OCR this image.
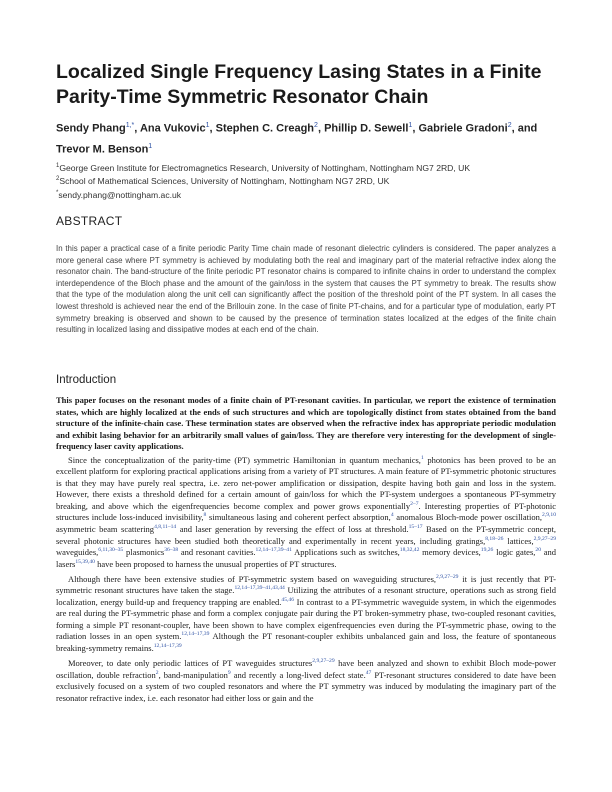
Localized Single Frequency Lasing States in a Finite Parity-Time Symmetric Resonator Chain
Sendy Phang$^{1,*}$, Ana Vukovic$^1$, Stephen C. Creagh$^2$, Phillip D. Sewell$^1$, Gabriele Gradoni$^2$, and Trevor M. Benson$^1$
$^1$George Green Institute for Electromagnetics Research, University of Nottingham, Nottingham NG7 2RD, UK
$^2$School of Mathematical Sciences, University of Nottingham, Nottingham NG7 2RD, UK
*sendy.phang@nottingham.ac.uk
ABSTRACT

In this paper a practical case of a finite periodic Parity Time chain made of resonant dielectric cylinders is considered. The paper analyzes a more general case where PT symmetry is achieved by modulating both the real and imaginary part of the material refractive index along the resonator chain. The band-structure of the finite periodic PT resonator chains is compared to infinite chains in order to understand the complex interdependence of the Bloch phase and the amount of the gain/loss in the system that causes the PT symmetry to break. The results show that the type of the modulation along the unit cell can significantly affect the position of the threshold point of the PT system. In all cases the lowest threshold is achieved near the end of the Brillouin zone. In the case of finite PT-chains, and for a particular type of modulation, early PT symmetry breaking is observed and shown to be caused by the presence of termination states localized at the edges of the finite chain resulting in localized lasing and dissipative modes at each end of the chain.

Introduction

This paper focuses on the resonant modes of a finite chain of PT-resonant cavities. In particular, we report the existence of termination states, which are highly localized at the ends of such structures and which are topologically distinct from states obtained from the band structure of the infinite-chain case. These termination states are observed when the refractive index has appropriate periodic modulation and exhibit lasing behavior for an arbitrarily small values of gain/loss. They are therefore very interesting for the development of single-frequency laser cavity applications.

Since the conceptualization of the parity-time (PT) symmetric Hamiltonian in quantum mechanics,$^1$ photonics has been proved to be an excellent platform for exploring practical applications arising from a variety of PT structures. A main feature of PT-symmetric photonic structures is that they may have purely real spectra, i.e. zero net-power amplification or dissipation, despite having both gain and loss in the system. However, there exists a threshold defined for a certain amount of gain/loss for which the PT-system undergoes a spontaneous PT-symmetry breaking, and above which the eigenfrequencies become complex and power grows exponentially$^{2-7}$. Interesting properties of PT-photonic structures include loss-induced invisibility,$^8$ simultaneous lasing and coherent perfect absorption,$^4$ anomalous Bloch-mode power oscillation,$^{2,9,10}$ asymmetric beam scattering$^{4,8,11-14}$ and laser generation by reversing the effect of loss at threshold.$^{15-17}$ Based on the PT-symmetric concept, several photonic structures have been studied both theoretically and experimentally in recent years, including gratings,$^{8,18-26}$ lattices,$^{2,9,27-29}$ waveguides,$^{6,11,30-35}$ plasmonics$^{36-38}$ and resonant cavities.$^{12,14-17,39-41}$ Applications such as switches,$^{18,32,42}$ memory devices,$^{19,26}$ logic gates,$^{20}$ and lasers$^{15,39,40}$ have been proposed to harness the unusual properties of PT structures.

Although there have been extensive studies of PT-symmetric system based on waveguiding structures,$^{2,9,27-29}$ it is just recently that PT-symmetric resonant structures have taken the stage.$^{12,14-17,39-41,43,44}$ Utilizing the attributes of a resonant structure, operations such as strong field localization, energy build-up and frequency trapping are enabled.$^{45,46}$ In contrast to a PT-symmetric waveguide system, in which the eigenmodes are real during the PT-symmetric phase and form a complex conjugate pair during the PT broken-symmetry phase, two-coupled resonant cavities, forming a simple PT resonant-coupler, have been shown to have complex eigenfrequencies even during the PT-symmetric phase, owing to the radiation losses in an open system.$^{12,14-17,39}$ Although the PT resonant-coupler exhibits unbalanced gain and loss, the feature of spontaneous breaking-symmetry remains.$^{12,14-17,39}$

Moreover, to date only periodic lattices of PT waveguides structures$^{2,9,27-29}$ have been analyzed and shown to exhibit Bloch mode-power oscillation, double refraction$^2$, band-manipulation$^9$ and recently a long-lived defect state.$^{47}$ PT-resonant structures considered to date have been exclusively focused on a system of two coupled resonators and where the PT symmetry was induced by modulating the imaginary part of the resonator refractive index, i.e. each resonator had either loss or gain and the
